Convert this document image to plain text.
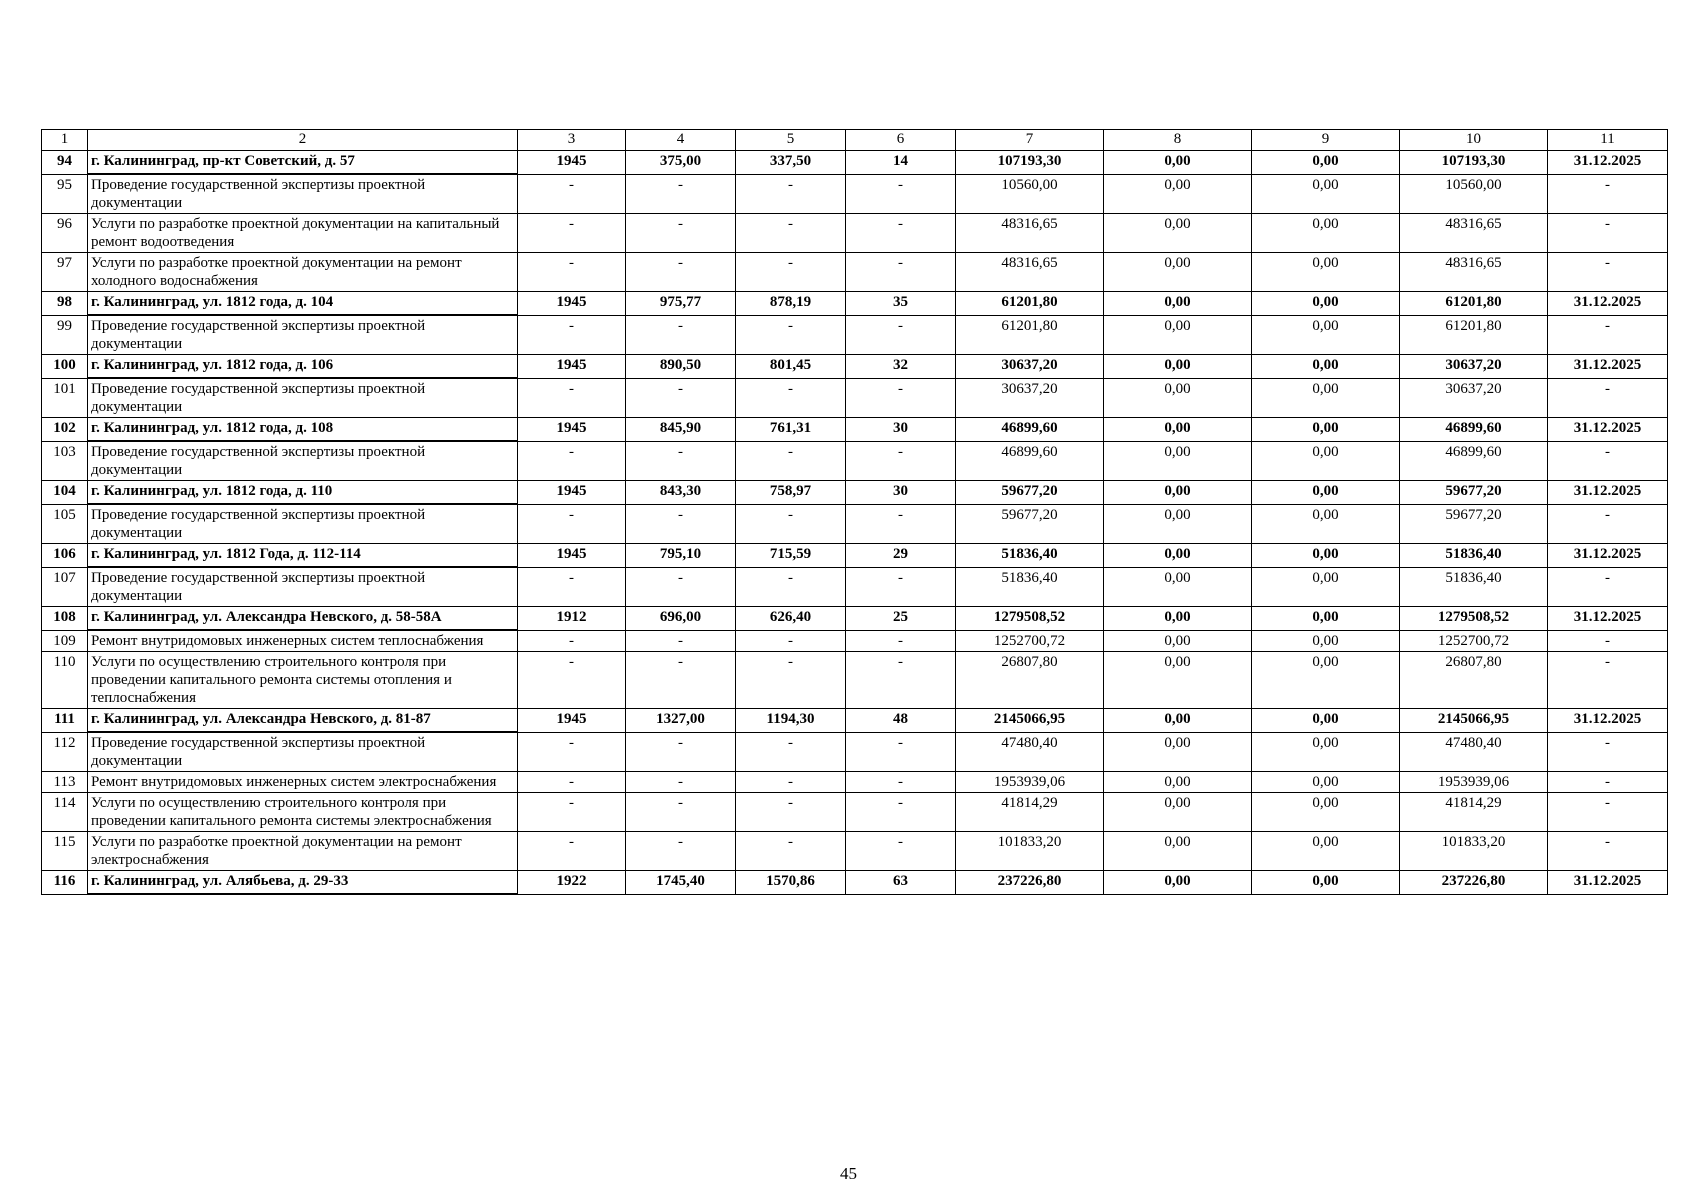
1	2	3	4	5	6	7	8	9	10	11
94	г. Калининград, пр-кт Советский, д. 57	1945	375,00	337,50	14	107193,30	0,00	0,00	107193,30	31.12.2025
95	Проведение государственной экспертизы проектной документации	-	-	-	-	10560,00	0,00	0,00	10560,00	-
96	Услуги по разработке проектной документации на капитальный ремонт водоотведения	-	-	-	-	48316,65	0,00	0,00	48316,65	-
97	Услуги по разработке проектной документации на ремонт холодного водоснабжения	-	-	-	-	48316,65	0,00	0,00	48316,65	-
98	г. Калининград, ул. 1812 года, д. 104	1945	975,77	878,19	35	61201,80	0,00	0,00	61201,80	31.12.2025
99	Проведение государственной экспертизы проектной документации	-	-	-	-	61201,80	0,00	0,00	61201,80	-
100	г. Калининград, ул. 1812 года, д. 106	1945	890,50	801,45	32	30637,20	0,00	0,00	30637,20	31.12.2025
101	Проведение государственной экспертизы проектной документации	-	-	-	-	30637,20	0,00	0,00	30637,20	-
102	г. Калининград, ул. 1812 года, д. 108	1945	845,90	761,31	30	46899,60	0,00	0,00	46899,60	31.12.2025
103	Проведение государственной экспертизы проектной документации	-	-	-	-	46899,60	0,00	0,00	46899,60	-
104	г. Калининград, ул. 1812 года, д. 110	1945	843,30	758,97	30	59677,20	0,00	0,00	59677,20	31.12.2025
105	Проведение государственной экспертизы проектной документации	-	-	-	-	59677,20	0,00	0,00	59677,20	-
106	г. Калининград, ул. 1812 Года, д. 112-114	1945	795,10	715,59	29	51836,40	0,00	0,00	51836,40	31.12.2025
107	Проведение государственной экспертизы проектной документации	-	-	-	-	51836,40	0,00	0,00	51836,40	-
108	г. Калининград, ул. Александра Невского, д. 58-58А	1912	696,00	626,40	25	1279508,52	0,00	0,00	1279508,52	31.12.2025
109	Ремонт внутридомовых инженерных систем теплоснабжения	-	-	-	-	1252700,72	0,00	0,00	1252700,72	-
110	Услуги по осуществлению строительного контроля при проведении капитального ремонта системы отопления и теплоснабжения	-	-	-	-	26807,80	0,00	0,00	26807,80	-
111	г. Калининград, ул. Александра Невского, д. 81-87	1945	1327,00	1194,30	48	2145066,95	0,00	0,00	2145066,95	31.12.2025
112	Проведение государственной экспертизы проектной документации	-	-	-	-	47480,40	0,00	0,00	47480,40	-
113	Ремонт внутридомовых инженерных систем электроснабжения	-	-	-	-	1953939,06	0,00	0,00	1953939,06	-
114	Услуги по осуществлению строительного контроля при проведении капитального ремонта системы электроснабжения	-	-	-	-	41814,29	0,00	0,00	41814,29	-
115	Услуги по разработке проектной документации на ремонт электроснабжения	-	-	-	-	101833,20	0,00	0,00	101833,20	-
116	г. Калининград, ул. Алябьева, д. 29-33	1922	1745,40	1570,86	63	237226,80	0,00	0,00	237226,80	31.12.2025
45
